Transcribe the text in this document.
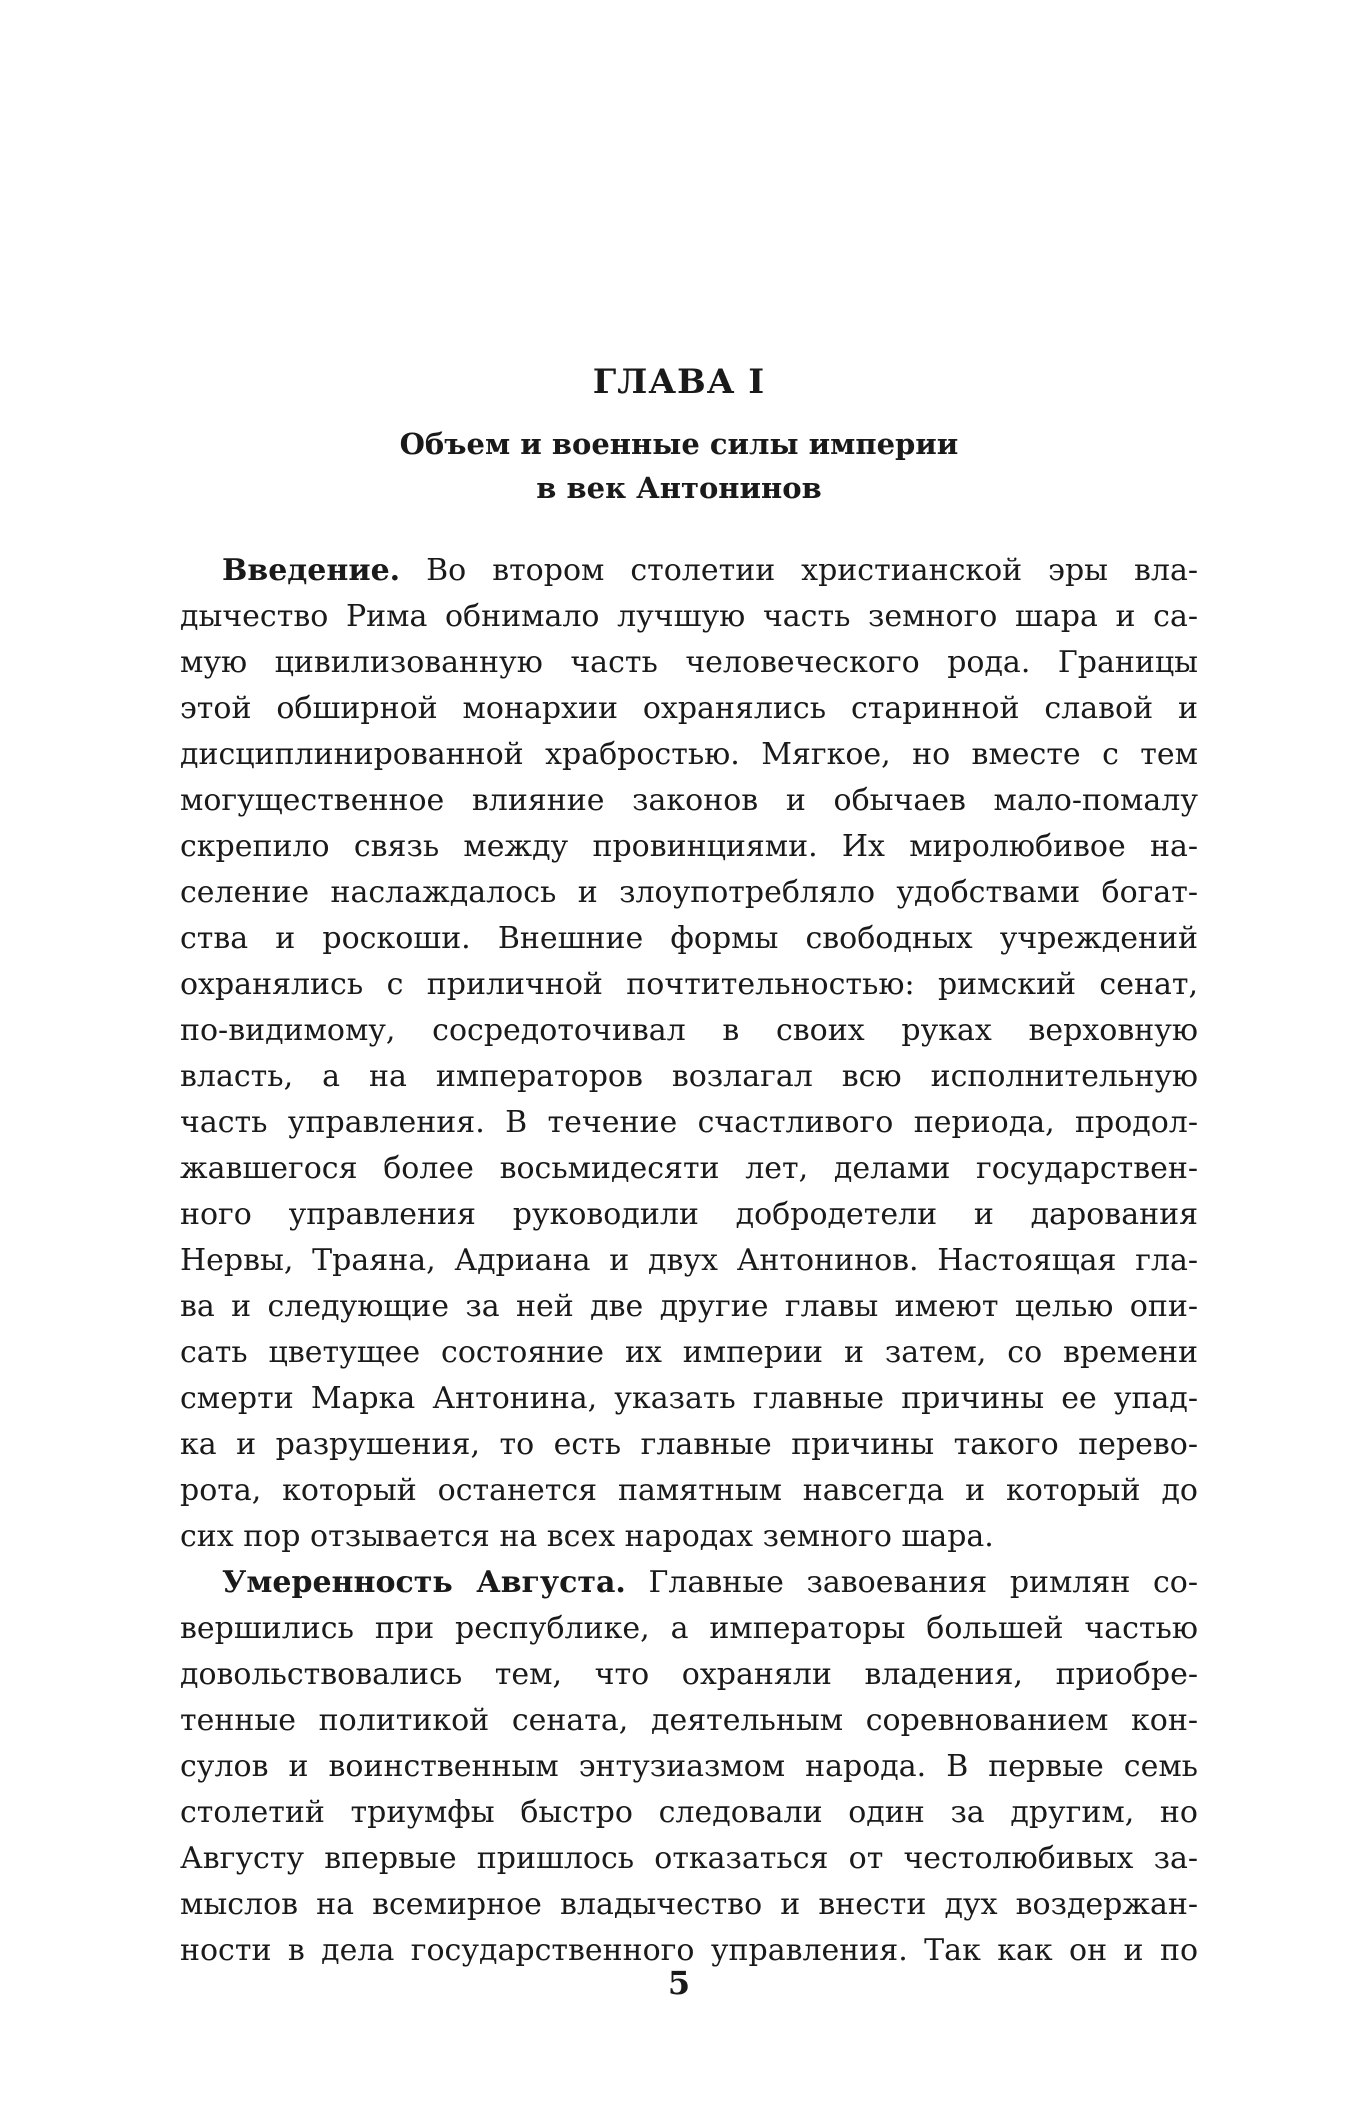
ГЛАВА I
Объем и военные силы империи
в век Антонинов
Введение. Во втором столетии христианской эры вла-
дычество Рима обнимало лучшую часть земного шара и са-
мую цивилизованную часть человеческого рода. Границы
этой обширной монархии охранялись старинной славой и
дисциплинированной храбростью. Мягкое, но вместе с тем
могущественное влияние законов и обычаев мало-помалу
скрепило связь между провинциями. Их миролюбивое на-
селение наслаждалось и злоупотребляло удобствами богат-
ства и роскоши. Внешние формы свободных учреждений
охранялись с приличной почтительностью: римский сенат,
по-видимому, сосредоточивал в своих руках верховную
власть, а на императоров возлагал всю исполнительную
часть управления. В течение счастливого периода, продол-
жавшегося более восьмидесяти лет, делами государствен-
ного управления руководили добродетели и дарования
Нервы, Траяна, Адриана и двух Антонинов. Настоящая гла-
ва и следующие за ней две другие главы имеют целью опи-
сать цветущее состояние их империи и затем, со времени
смерти Марка Антонина, указать главные причины ее упад-
ка и разрушения, то есть главные причины такого перево-
рота, который останется памятным навсегда и который до
сих пор отзывается на всех народах земного шара.
Умеренность Августа. Главные завоевания римлян со-
вершились при республике, а императоры большей частью
довольствовались тем, что охраняли владения, приобре-
тенные политикой сената, деятельным соревнованием кон-
сулов и воинственным энтузиазмом народа. В первые семь
столетий триумфы быстро следовали один за другим, но
Августу впервые пришлось отказаться от честолюбивых за-
мыслов на всемирное владычество и внести дух воздержан-
ности в дела государственного управления. Так как он и по
5
